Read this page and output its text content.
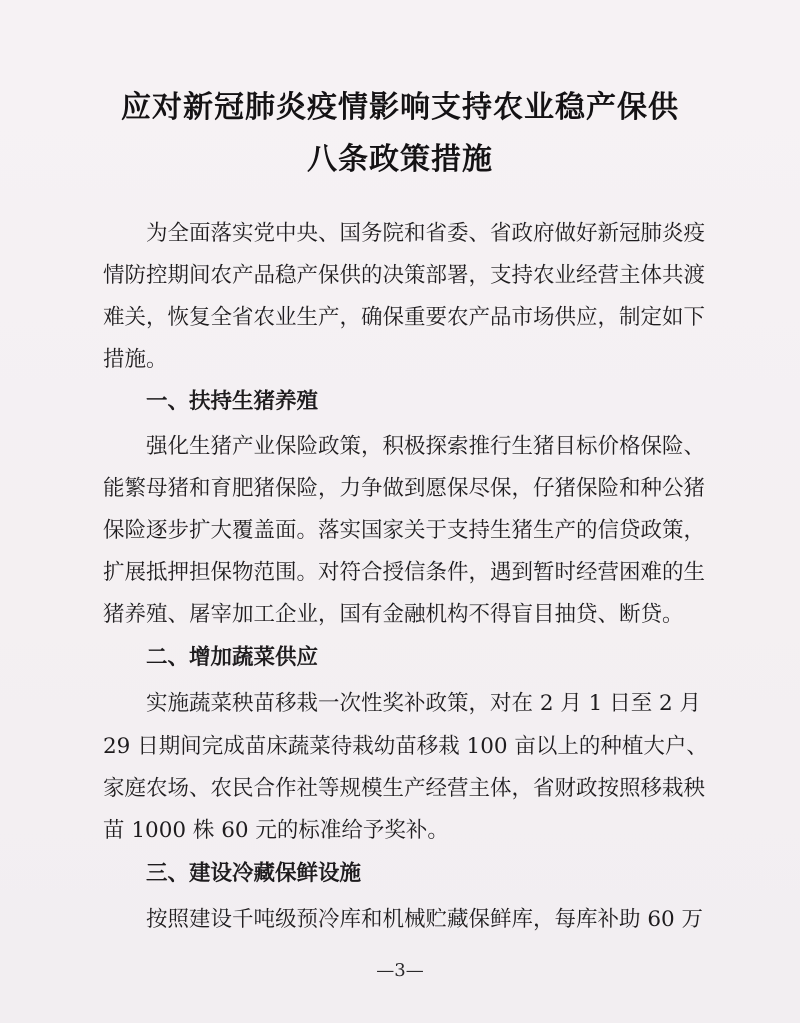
应对新冠肺炎疫情影响支持农业稳产保供
八条政策措施
　　为全面落实党中央、国务院和省委、省政府做好新冠肺炎疫
情防控期间农产品稳产保供的决策部署，支持农业经营主体共渡
难关，恢复全省农业生产，确保重要农产品市场供应，制定如下
措施。
　　一、扶持生猪养殖
　　强化生猪产业保险政策，积极探索推行生猪目标价格保险、
能繁母猪和育肥猪保险，力争做到愿保尽保，仔猪保险和种公猪
保险逐步扩大覆盖面。落实国家关于支持生猪生产的信贷政策，
扩展抵押担保物范围。对符合授信条件，遇到暂时经营困难的生
猪养殖、屠宰加工企业，国有金融机构不得盲目抽贷、断贷。
　　二、增加蔬菜供应
　　实施蔬菜秧苗移栽一次性奖补政策，对在 2 月 1 日至 2 月
29 日期间完成苗床蔬菜待栽幼苗移栽 100 亩以上的种植大户、
家庭农场、农民合作社等规模生产经营主体，省财政按照移栽秧
苗 1000 株 60 元的标准给予奖补。
　　三、建设冷藏保鲜设施
　　按照建设千吨级预冷库和机械贮藏保鲜库，每库补助 60 万
—3—
